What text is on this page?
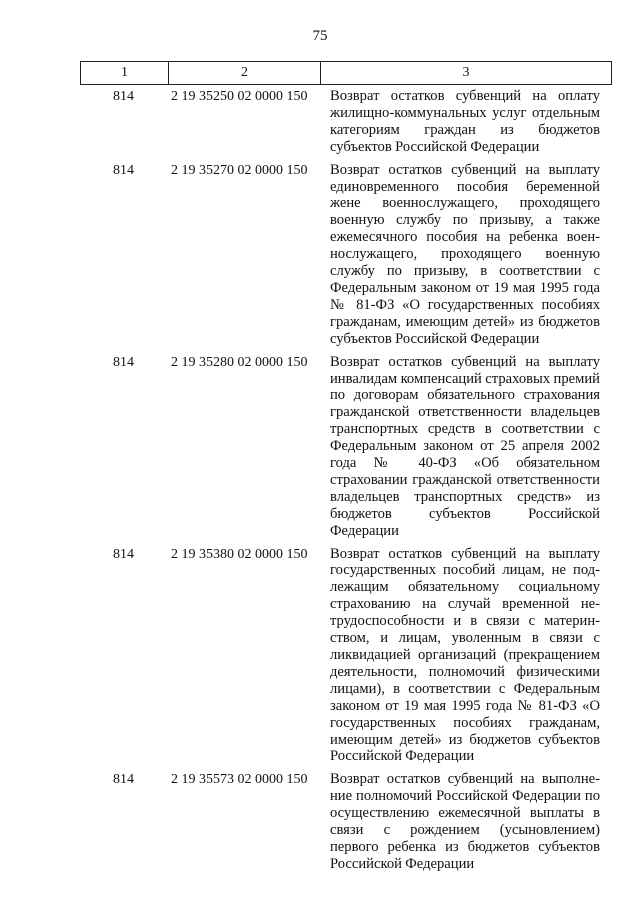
75
1	2	3
814	2 19 35250 02 0000 150	Возврат остатков субвенций на оплату жилищно-коммунальных услуг отдельным категориям граждан из бюджетов субъектов Российской Федерации
814	2 19 35270 02 0000 150	Возврат остатков субвенций на выплату единовременного пособия беременной жене военнослужащего, проходящего военную службу по призыву, а также ежемесячного пособия на ребенка военнослужащего, проходящего военную службу по призыву, в соответствии с Федеральным законом от 19 мая 1995 года № 81-ФЗ «О государственных пособиях гражданам, имеющим детей» из бюджетов субъектов Российской Федерации
814	2 19 35280 02 0000 150	Возврат остатков субвенций на выплату инвалидам компенсаций страховых премий по договорам обязательного страхования гражданской ответственности владельцев транспортных средств в соответствии с Федеральным законом от 25 апреля 2002 года № 40-ФЗ «Об обязательном страховании гражданской ответственности владельцев транспортных средств» из бюджетов субъектов Российской Федерации
814	2 19 35380 02 0000 150	Возврат остатков субвенций на выплату государственных пособий лицам, не подлежащим обязательному социальному страхованию на случай временной нетрудоспособности и в связи с материнством, и лицам, уволенным в связи с ликвидацией организаций (прекращением деятельности, полномочий физическими лицами), в соответствии с Федеральным законом от 19 мая 1995 года № 81-ФЗ «О государственных пособиях гражданам, имеющим детей» из бюджетов субъектов Российской Федерации
814	2 19 35573 02 0000 150	Возврат остатков субвенций на выполнение полномочий Российской Федерации по осуществлению ежемесячной выплаты в связи с рождением (усыновлением) первого ребенка из бюджетов субъектов Российской Федерации
